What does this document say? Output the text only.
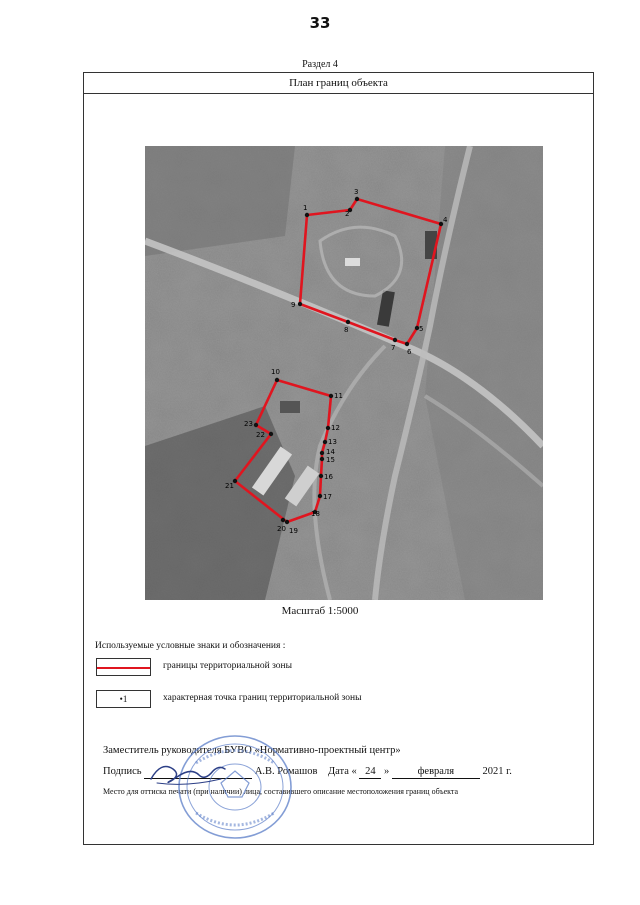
33
Раздел 4
План границ объекта
1
2
3
4
5
6
7
8
9
10
11
12
13
14
15
16
17
18
19
20
21
22
23
Масштаб 1:5000
Используемые условные знаки и обозначения :
границы территориальной зоны
•1	характерная точка границ территориальной зоны
Заместитель руководителя БУВО «Нормативно-проектный центр»
Подпись	А.В. Ромашов Дата « 24 »	февраля	2021 г.
Место для оттиска печати (при наличии) лица, составившего описание местоположения границ объекта
